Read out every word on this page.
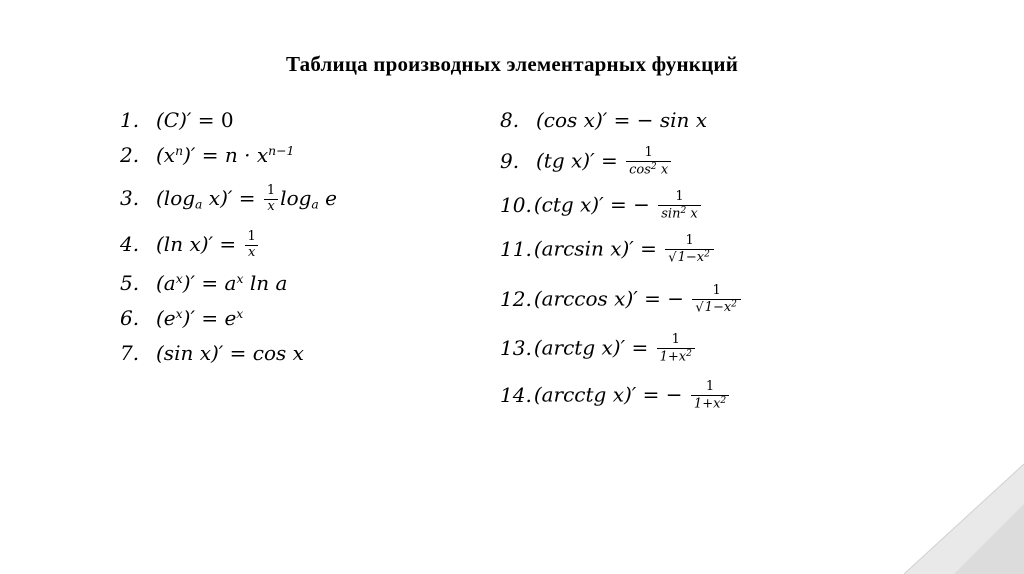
Таблица производных элементарных функций
1. (C)′ = 0
2. $(x^n)' = n \cdot x^{n-1}$
3. ($\log_a$ $x)' = \frac{1}{x} \log_a e$
4. (ln $x)' = \frac{1}{x}$
5. $(a^x)' = a^x$ ln a
6. $(e^x)' = e^x$
7. (sin x)′ = cos x
8. (cos x)′ = − sin x
9. (tg $x)' = \frac{1}{\cos^2 x}$
10. (ctg x)′ = − $\frac{1}{\sin^2 x}$
11. (arcsin $x)' = \frac{1}{√1-x^2}$
12. (arccos x)′ = − $\frac{1}{√1-x^2}$
13. (arctg $x)' = \frac{1}{1+x^2}$
14. (arcctg x)′ = − $\frac{1}{1+x^2}$
